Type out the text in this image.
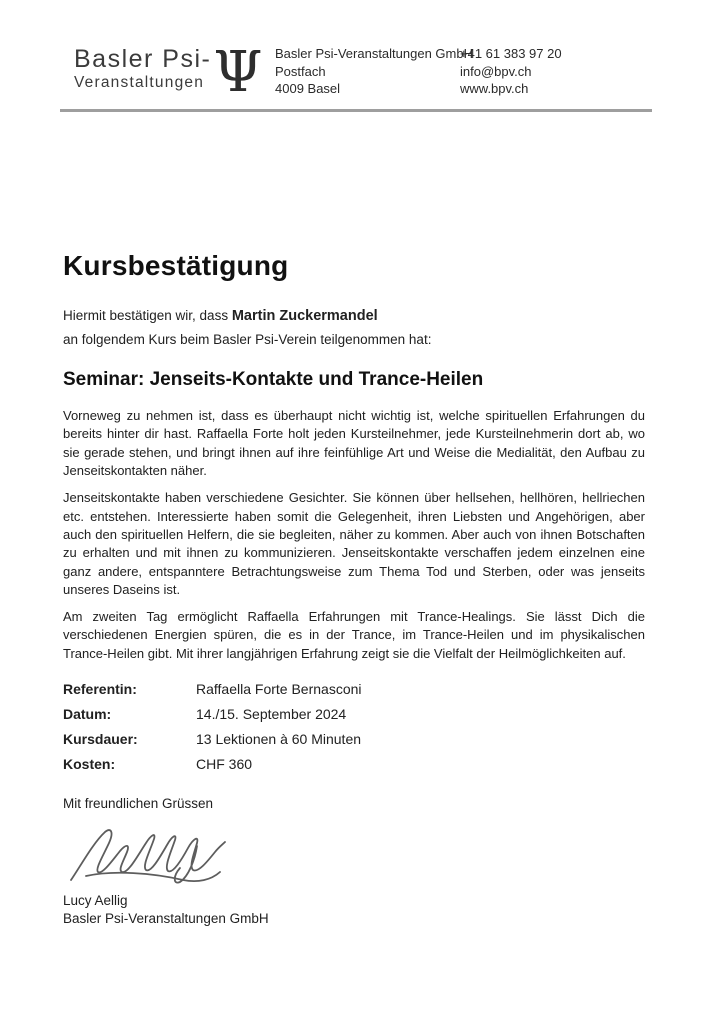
Basler Psi-
Veranstaltungen Ψ Basler Psi-Veranstaltungen GmbH
Postfach
4009 Basel
+41 61 383 97 20
info@bpv.ch
www.bpv.ch
Kursbestätigung

Hiermit bestätigen wir, dass Martin Zuckermandel

an folgendem Kurs beim Basler Psi-Verein teilgenommen hat:

Seminar: Jenseits-Kontakte und Trance-Heilen

Vorneweg zu nehmen ist, dass es überhaupt nicht wichtig ist, welche spirituellen Erfahrungen du bereits hinter dir hast. Raffaella Forte holt jeden Kursteilnehmer, jede Kursteilnehmerin dort ab, wo sie gerade stehen, und bringt ihnen auf ihre feinfühlige Art und Weise die Medialität, den Aufbau zu Jenseitskontakten näher.

Jenseitskontakte haben verschiedene Gesichter. Sie können über hellsehen, hellhören, hellriechen etc. entstehen. Interessierte haben somit die Gelegenheit, ihren Liebsten und Angehörigen, aber auch den spirituellen Helfern, die sie begleiten, näher zu kommen. Aber auch von ihnen Botschaften zu erhalten und mit ihnen zu kommunizieren. Jenseitskontakte verschaffen jedem einzelnen eine ganz andere, entspanntere Betrachtungsweise zum Thema Tod und Sterben, oder was jenseits unseres Daseins ist.

Am zweiten Tag ermöglicht Raffaella Erfahrungen mit Trance-Healings. Sie lässt Dich die verschiedenen Energien spüren, die es in der Trance, im Trance-Heilen und im physikalischen Trance-Heilen gibt. Mit ihrer langjährigen Erfahrung zeigt sie die Vielfalt der Heilmöglichkeiten auf.

Referentin:	Raffaella Forte Bernasconi
Datum:	14./15. September 2024
Kursdauer:	13 Lektionen à 60 Minuten
Kosten:	CHF 360

Mit freundlichen Grüssen

Lucy Aellig

Basler Psi-Veranstaltungen GmbH
